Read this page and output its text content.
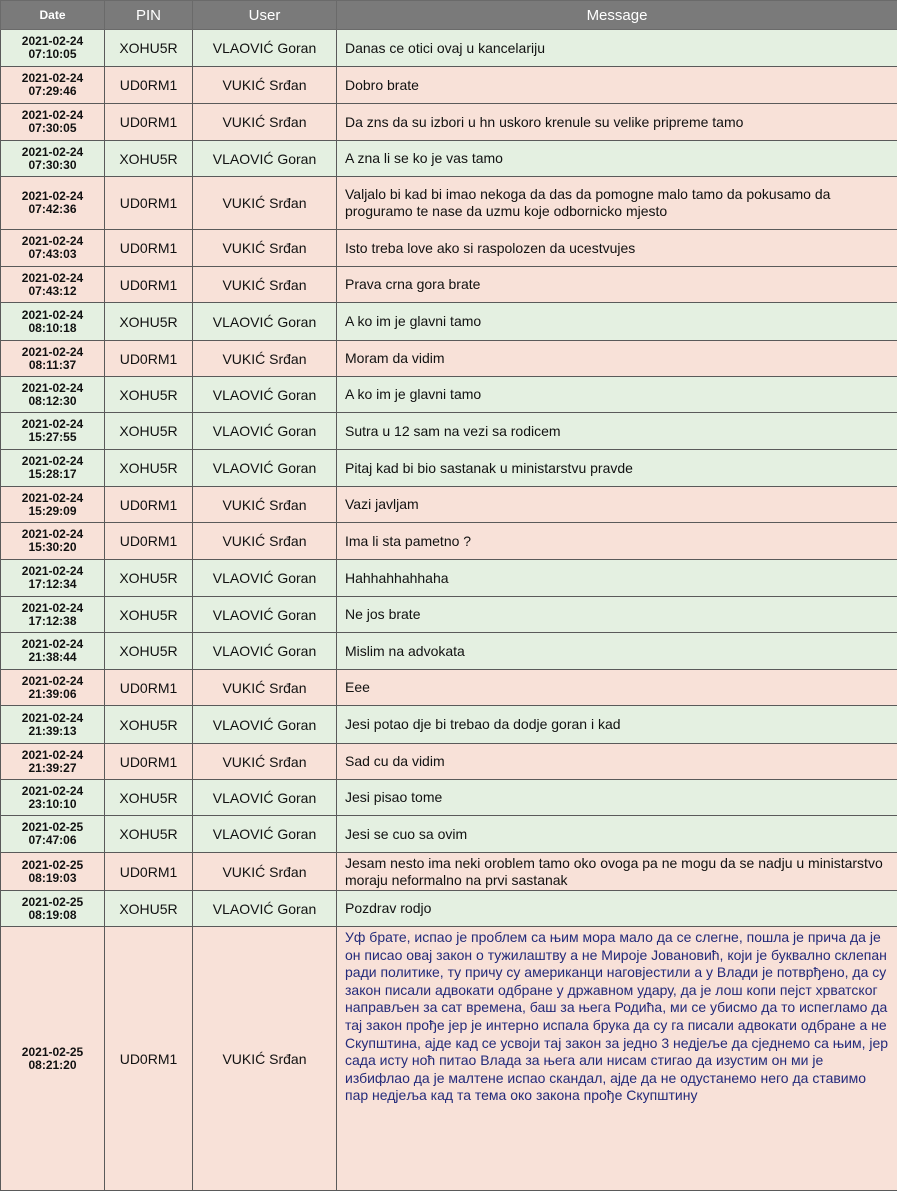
Date	PIN	User	Message

2021-02-24
07:10:05	XOHU5R	VLAOVIĆ Goran	Danas ce otici ovaj u kancelariju

2021-02-24
07:29:46	UD0RM1	VUKIĆ Srđan	Dobro brate

2021-02-24
07:30:05	UD0RM1	VUKIĆ Srđan	Da zns da su izbori u hn uskoro krenule su velike pripreme tamo

2021-02-24
07:30:30	XOHU5R	VLAOVIĆ Goran	A zna li se ko je vas tamo

2021-02-24
07:42:36	UD0RM1	VUKIĆ Srđan	Valjalo bi kad bi imao nekoga da das da pomogne malo tamo da pokusamo da proguramo te nase da uzmu koje odbornicko mjesto

2021-02-24
07:43:03	UD0RM1	VUKIĆ Srđan	Isto treba love ako si raspolozen da ucestvujes

2021-02-24
07:43:12	UD0RM1	VUKIĆ Srđan	Prava crna gora brate

2021-02-24
08:10:18	XOHU5R	VLAOVIĆ Goran	A ko im je glavni tamo

2021-02-24
08:11:37	UD0RM1	VUKIĆ Srđan	Moram da vidim

2021-02-24
08:12:30	XOHU5R	VLAOVIĆ Goran	A ko im je glavni tamo

2021-02-24
15:27:55	XOHU5R	VLAOVIĆ Goran	Sutra u 12 sam na vezi sa rodicem

2021-02-24
15:28:17	XOHU5R	VLAOVIĆ Goran	Pitaj kad bi bio sastanak u ministarstvu pravde

2021-02-24
15:29:09	UD0RM1	VUKIĆ Srđan	Vazi javljam

2021-02-24
15:30:20	UD0RM1	VUKIĆ Srđan	Ima li sta pametno ?

2021-02-24
17:12:34	XOHU5R	VLAOVIĆ Goran	Hahhahhahhaha

2021-02-24
17:12:38	XOHU5R	VLAOVIĆ Goran	Ne jos brate

2021-02-24
21:38:44	XOHU5R	VLAOVIĆ Goran	Mislim na advokata

2021-02-24
21:39:06	UD0RM1	VUKIĆ Srđan	Eee

2021-02-24
21:39:13	XOHU5R	VLAOVIĆ Goran	Jesi potao dje bi trebao da dodje goran i kad

2021-02-24
21:39:27	UD0RM1	VUKIĆ Srđan	Sad cu da vidim

2021-02-24
23:10:10	XOHU5R	VLAOVIĆ Goran	Jesi pisao tome

2021-02-25
07:47:06	XOHU5R	VLAOVIĆ Goran	Jesi se cuo sa ovim

2021-02-25
08:19:03	UD0RM1	VUKIĆ Srđan	Jesam nesto ima neki oroblem tamo oko ovoga pa ne mogu da se nadju u ministarstvo moraju neformalno na prvi sastanak

2021-02-25
08:19:08	XOHU5R	VLAOVIĆ Goran	Pozdrav rodjo

2021-02-25
08:21:20	UD0RM1	VUKIĆ Srđan	Уф брате, испао је проблем са њим мора мало да се слегне, пошла је прича да је он писао овај закон о тужилаштву а не Мироје Јовановић, који је буквално склепан ради политике, ту причу су американци наговјестили а у Влади је потврђено, да су закон писали адвокати одбране у државном удару, да је лош копи пејст хрватског направљен за сат времена, баш за његa Родића, ми се убисмо да то испеглaмо да тај закон прође јер је интерно испала брука да су га писали адвокати одбране а не Скупштина, ајде кад се усвоји тај закон за једно 3 недјеље да сједнемо са њим, јер сада исту ноћ питао Влада за њега али нисам стигао да изустим он ми је избифлао да је малтене испао скандал, ајде да не одустанемо него да ставимо пар недјеља кад та тема око закона прође Скупштину
